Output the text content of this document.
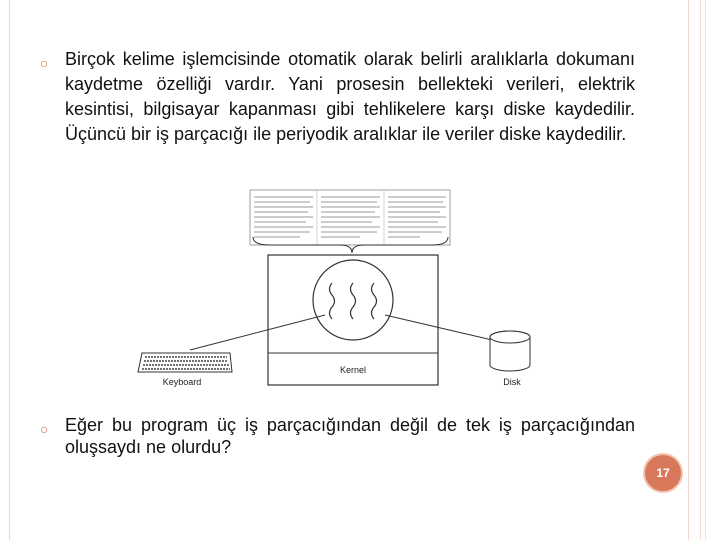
○ Birçok kelime işlemcisinde otomatik olarak belirli aralıklarla dokumanı kaydetme özelliği vardır. Yani prosesin bellekteki verileri, elektrik kesintisi, bilgisayar kapanması gibi tehlikelere karşı diske kaydedilir. Üçüncü bir iş parçacığı ile periyodik aralıklar ile veriler diske kaydedilir.
Kernel
Keyboard	Disk
○ Eğer bu program üç iş parçacığından değil de tek iş parçacığından oluşsaydı ne olurdu?
17
